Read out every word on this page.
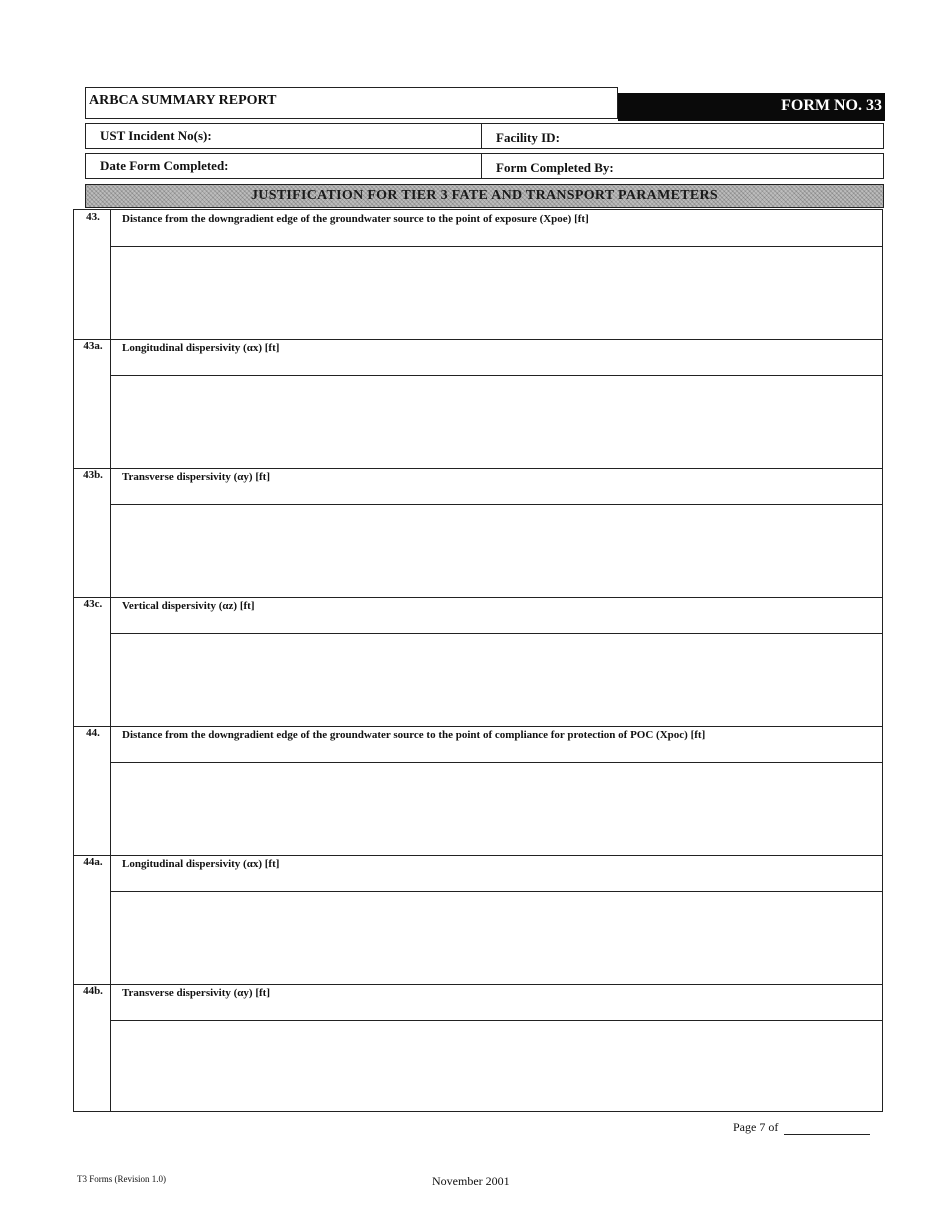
ARBCA SUMMARY REPORT	FORM NO. 33
UST Incident No(s):	Facility ID:
Date Form Completed:	Form Completed By:
JUSTIFICATION FOR TIER 3 FATE AND TRANSPORT PARAMETERS
43.	Distance from the downgradient edge of the groundwater source to the point of exposure (Xpoe) [ft]
43a.	Longitudinal dispersivity (αx) [ft]
43b. Transverse dispersivity (αy) [ft]
43c.	Vertical dispersivity (αz) [ft]
44.	Distance from the downgradient edge of the groundwater source to the point of compliance for protection of POC (Xpoc) [ft]
44a.	Longitudinal dispersivity (αx) [ft]
44b. Transverse dispersivity (αy) [ft]
Page 7 of
T3 Forms (Revision 1.0)	November 2001
